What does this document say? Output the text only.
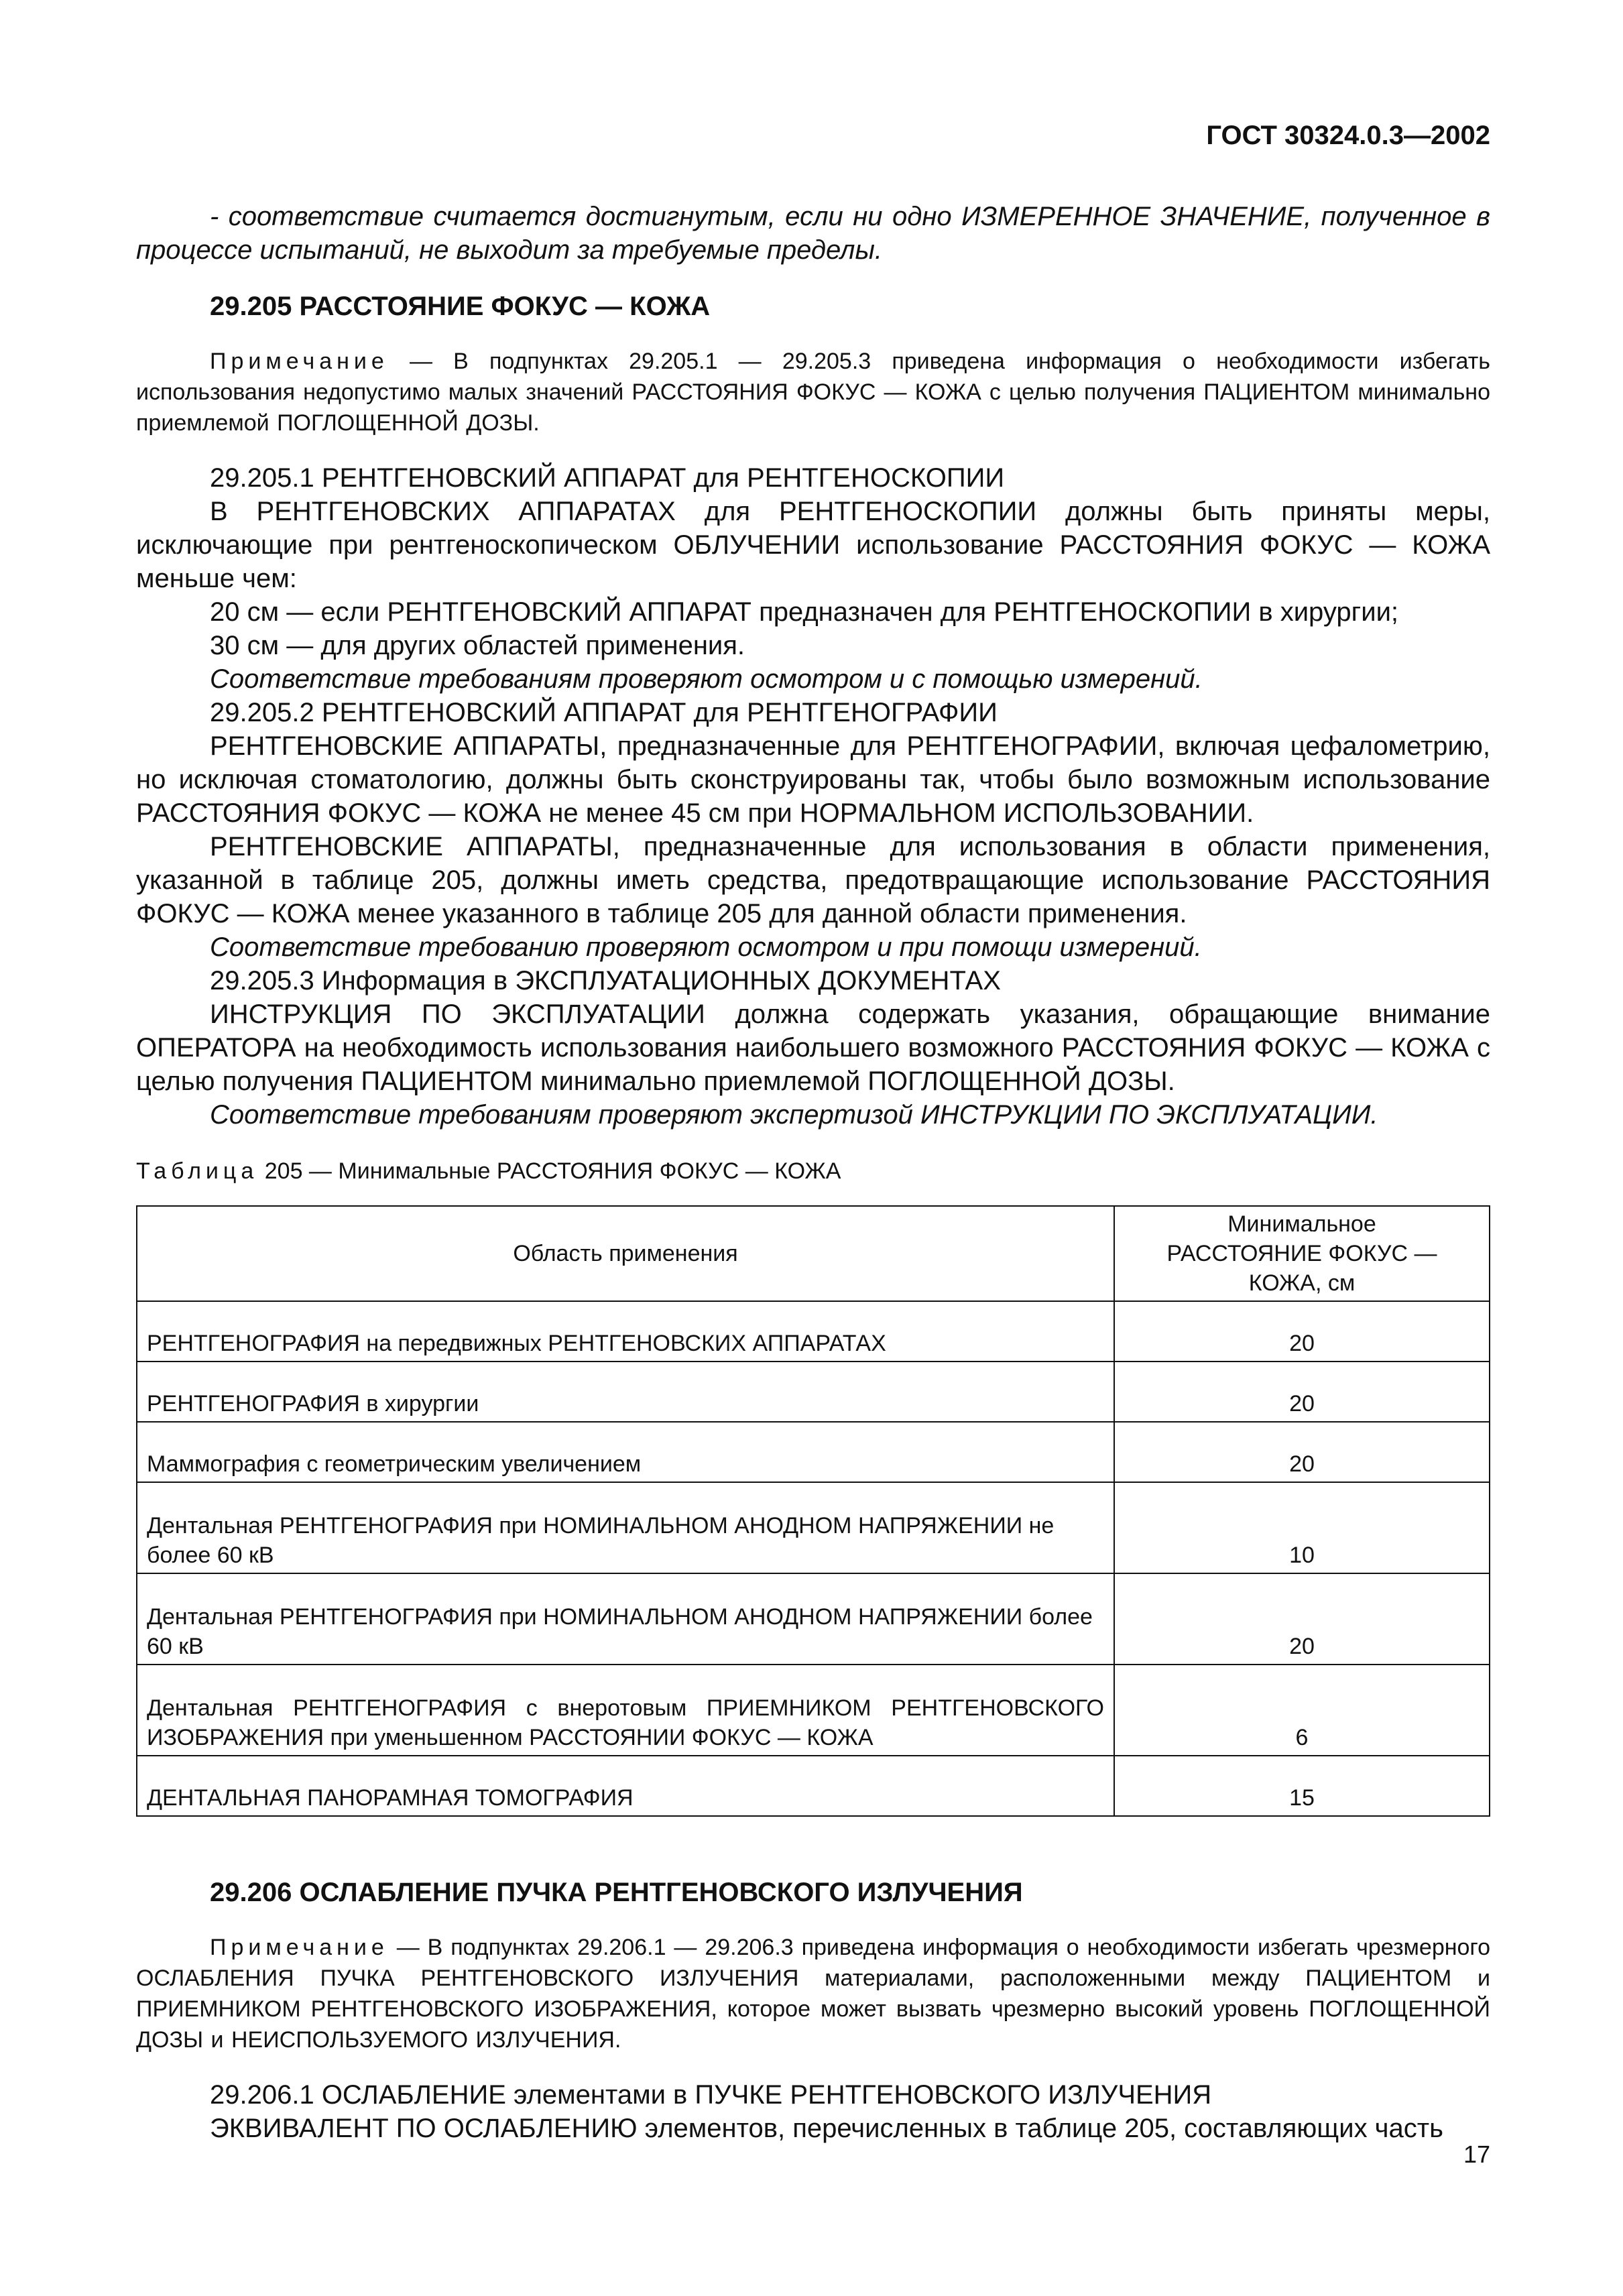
ГОСТ 30324.0.3—2002

- соответствие считается достигнутым, если ни одно ИЗМЕРЕННОЕ ЗНАЧЕНИЕ, полученное в процессе испытаний, не выходит за требуемые пределы.

29.205 РАССТОЯНИЕ ФОКУС — КОЖА

Примечание — В подпунктах 29.205.1 — 29.205.3 приведена информация о необходимости избегать использования недопустимо малых значений РАССТОЯНИЯ ФОКУС — КОЖА с целью получения ПАЦИЕНТОМ минимально приемлемой ПОГЛОЩЕННОЙ ДОЗЫ.

29.205.1 РЕНТГЕНОВСКИЙ АППАРАТ для РЕНТГЕНОСКОПИИ

В РЕНТГЕНОВСКИХ АППАРАТАХ для РЕНТГЕНОСКОПИИ должны быть приняты меры, исключающие при рентгеноскопическом ОБЛУЧЕНИИ использование РАССТОЯНИЯ ФОКУС — КОЖА меньше чем:

20 см — если РЕНТГЕНОВСКИЙ АППАРАТ предназначен для РЕНТГЕНОСКОПИИ в хирургии;

30 см — для других областей применения.

Соответствие требованиям проверяют осмотром и с помощью измерений.

29.205.2 РЕНТГЕНОВСКИЙ АППАРАТ для РЕНТГЕНОГРАФИИ

РЕНТГЕНОВСКИЕ АППАРАТЫ, предназначенные для РЕНТГЕНОГРАФИИ, включая цефалометрию, но исключая стоматологию, должны быть сконструированы так, чтобы было возможным использование РАССТОЯНИЯ ФОКУС — КОЖА не менее 45 см при НОРМАЛЬНОМ ИСПОЛЬЗОВАНИИ.

РЕНТГЕНОВСКИЕ АППАРАТЫ, предназначенные для использования в области применения, указанной в таблице 205, должны иметь средства, предотвращающие использование РАССТОЯНИЯ ФОКУС — КОЖА менее указанного в таблице 205 для данной области применения.

Соответствие требованию проверяют осмотром и при помощи измерений.

29.205.3 Информация в ЭКСПЛУАТАЦИОННЫХ ДОКУМЕНТАХ

ИНСТРУКЦИЯ ПО ЭКСПЛУАТАЦИИ должна содержать указания, обращающие внимание ОПЕРАТОРА на необходимость использования наибольшего возможного РАССТОЯНИЯ ФОКУС — КОЖА с целью получения ПАЦИЕНТОМ минимально приемлемой ПОГЛОЩЕННОЙ ДОЗЫ.

Соответствие требованиям проверяют экспертизой ИНСТРУКЦИИ ПО ЭКСПЛУАТАЦИИ.

Таблица 205 — Минимальные РАССТОЯНИЯ ФОКУС — КОЖА

Область применения	Минимальное РАССТОЯНИЕ ФОКУС — КОЖА, см
РЕНТГЕНОГРАФИЯ на передвижных РЕНТГЕНОВСКИХ АППАРАТАХ	20
РЕНТГЕНОГРАФИЯ в хирургии	20
Маммография с геометрическим увеличением	20
Дентальная РЕНТГЕНОГРАФИЯ при НОМИНАЛЬНОМ АНОДНОМ НАПРЯЖЕНИИ не более 60 кВ	10
Дентальная РЕНТГЕНОГРАФИЯ при НОМИНАЛЬНОМ АНОДНОМ НАПРЯЖЕНИИ более 60 кВ	20
Дентальная РЕНТГЕНОГРАФИЯ с внеротовым ПРИЕМНИКОМ РЕНТГЕНОВСКОГО ИЗОБРАЖЕНИЯ при уменьшенном РАССТОЯНИИ ФОКУС — КОЖА	6
ДЕНТАЛЬНАЯ ПАНОРАМНАЯ ТОМОГРАФИЯ	15

29.206 ОСЛАБЛЕНИЕ ПУЧКА РЕНТГЕНОВСКОГО ИЗЛУЧЕНИЯ

Примечание — В подпунктах 29.206.1 — 29.206.3 приведена информация о необходимости избегать чрезмерного ОСЛАБЛЕНИЯ ПУЧКА РЕНТГЕНОВСКОГО ИЗЛУЧЕНИЯ материалами, расположенными между ПАЦИЕНТОМ и ПРИЕМНИКОМ РЕНТГЕНОВСКОГО ИЗОБРАЖЕНИЯ, которое может вызвать чрезмерно высокий уровень ПОГЛОЩЕННОЙ ДОЗЫ и НЕИСПОЛЬЗУЕМОГО ИЗЛУЧЕНИЯ.

29.206.1 ОСЛАБЛЕНИЕ элементами в ПУЧКЕ РЕНТГЕНОВСКОГО ИЗЛУЧЕНИЯ

ЭКВИВАЛЕНТ ПО ОСЛАБЛЕНИЮ элементов, перечисленных в таблице 205, составляющих часть

17
